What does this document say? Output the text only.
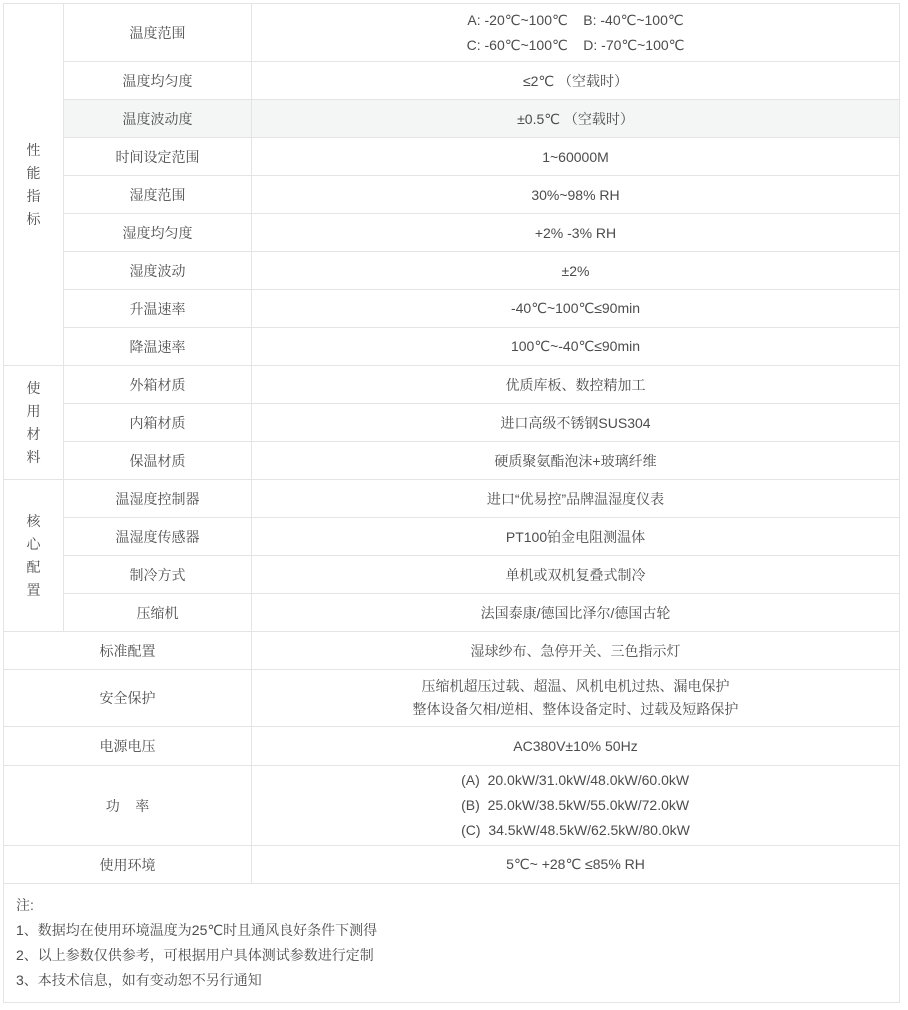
性能指标	温度范围	A: -20℃~100℃    B: -40℃~100℃
C: -60℃~100℃    D: -70℃~100℃

	温度均匀度	≤2℃ （空载时）
	温度波动度	±0.5℃ （空载时）
	时间设定范围	1~60000M
	湿度范围	30%~98% RH
	湿度均匀度	+2% -3% RH
	湿度波动	±2%
	升温速率	-40℃~100℃≤90min
	降温速率	100℃~-40℃≤90min
使用材料	外箱材质	优质库板、数控精加工
	内箱材质	进口高级不锈钢SUS304
	保温材质	硬质聚氨酯泡沫+玻璃纤维
核心配置	温湿度控制器	进口“优易控”品牌温湿度仪表
	温湿度传感器	PT100铂金电阻测温体
	制冷方式	单机或双机复叠式制冷
	压缩机	法国泰康/德国比泽尔/德国古轮
标准配置		湿球纱布、急停开关、三色指示灯
安全保护		压缩机超压过载、超温、风机电机过热、漏电保护
整体设备欠相/逆相、整体设备定时、过载及短路保护

电源电压		AC380V±10% 50Hz
功    率		(A)  20.0kW/31.0kW/48.0kW/60.0kW
(B)  25.0kW/38.5kW/55.0kW/72.0kW
(C)  34.5kW/48.5kW/62.5kW/80.0kW

使用环境		5℃~ +28℃ ≤85% RH

注:
1、数据均在使用环境温度为25℃时且通风良好条件下测得
2、以上参数仅供参考，可根据用户具体测试参数进行定制
3、本技术信息，如有变动恕不另行通知		
